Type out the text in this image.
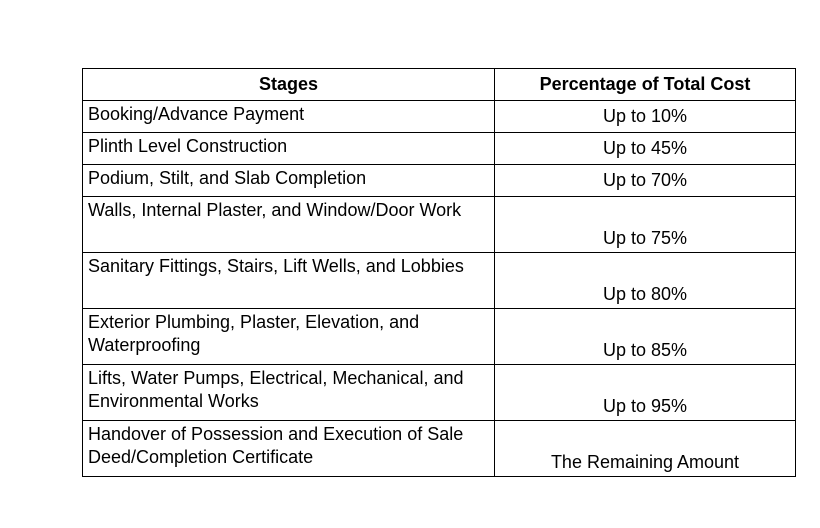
Stages	Percentage of Total Cost
Booking/Advance Payment	Up to 10%
Plinth Level Construction	Up to 45%
Podium, Stilt, and Slab Completion	Up to 70%
Walls, Internal Plaster, and Window/Door Work	Up to 75%
Sanitary Fittings, Stairs, Lift Wells, and Lobbies	Up to 80%
Exterior Plumbing, Plaster, Elevation, and Waterproofing	Up to 85%
Lifts, Water Pumps, Electrical, Mechanical, and Environmental Works	Up to 95%
Handover of Possession and Execution of Sale Deed/Completion Certificate	The Remaining Amount
